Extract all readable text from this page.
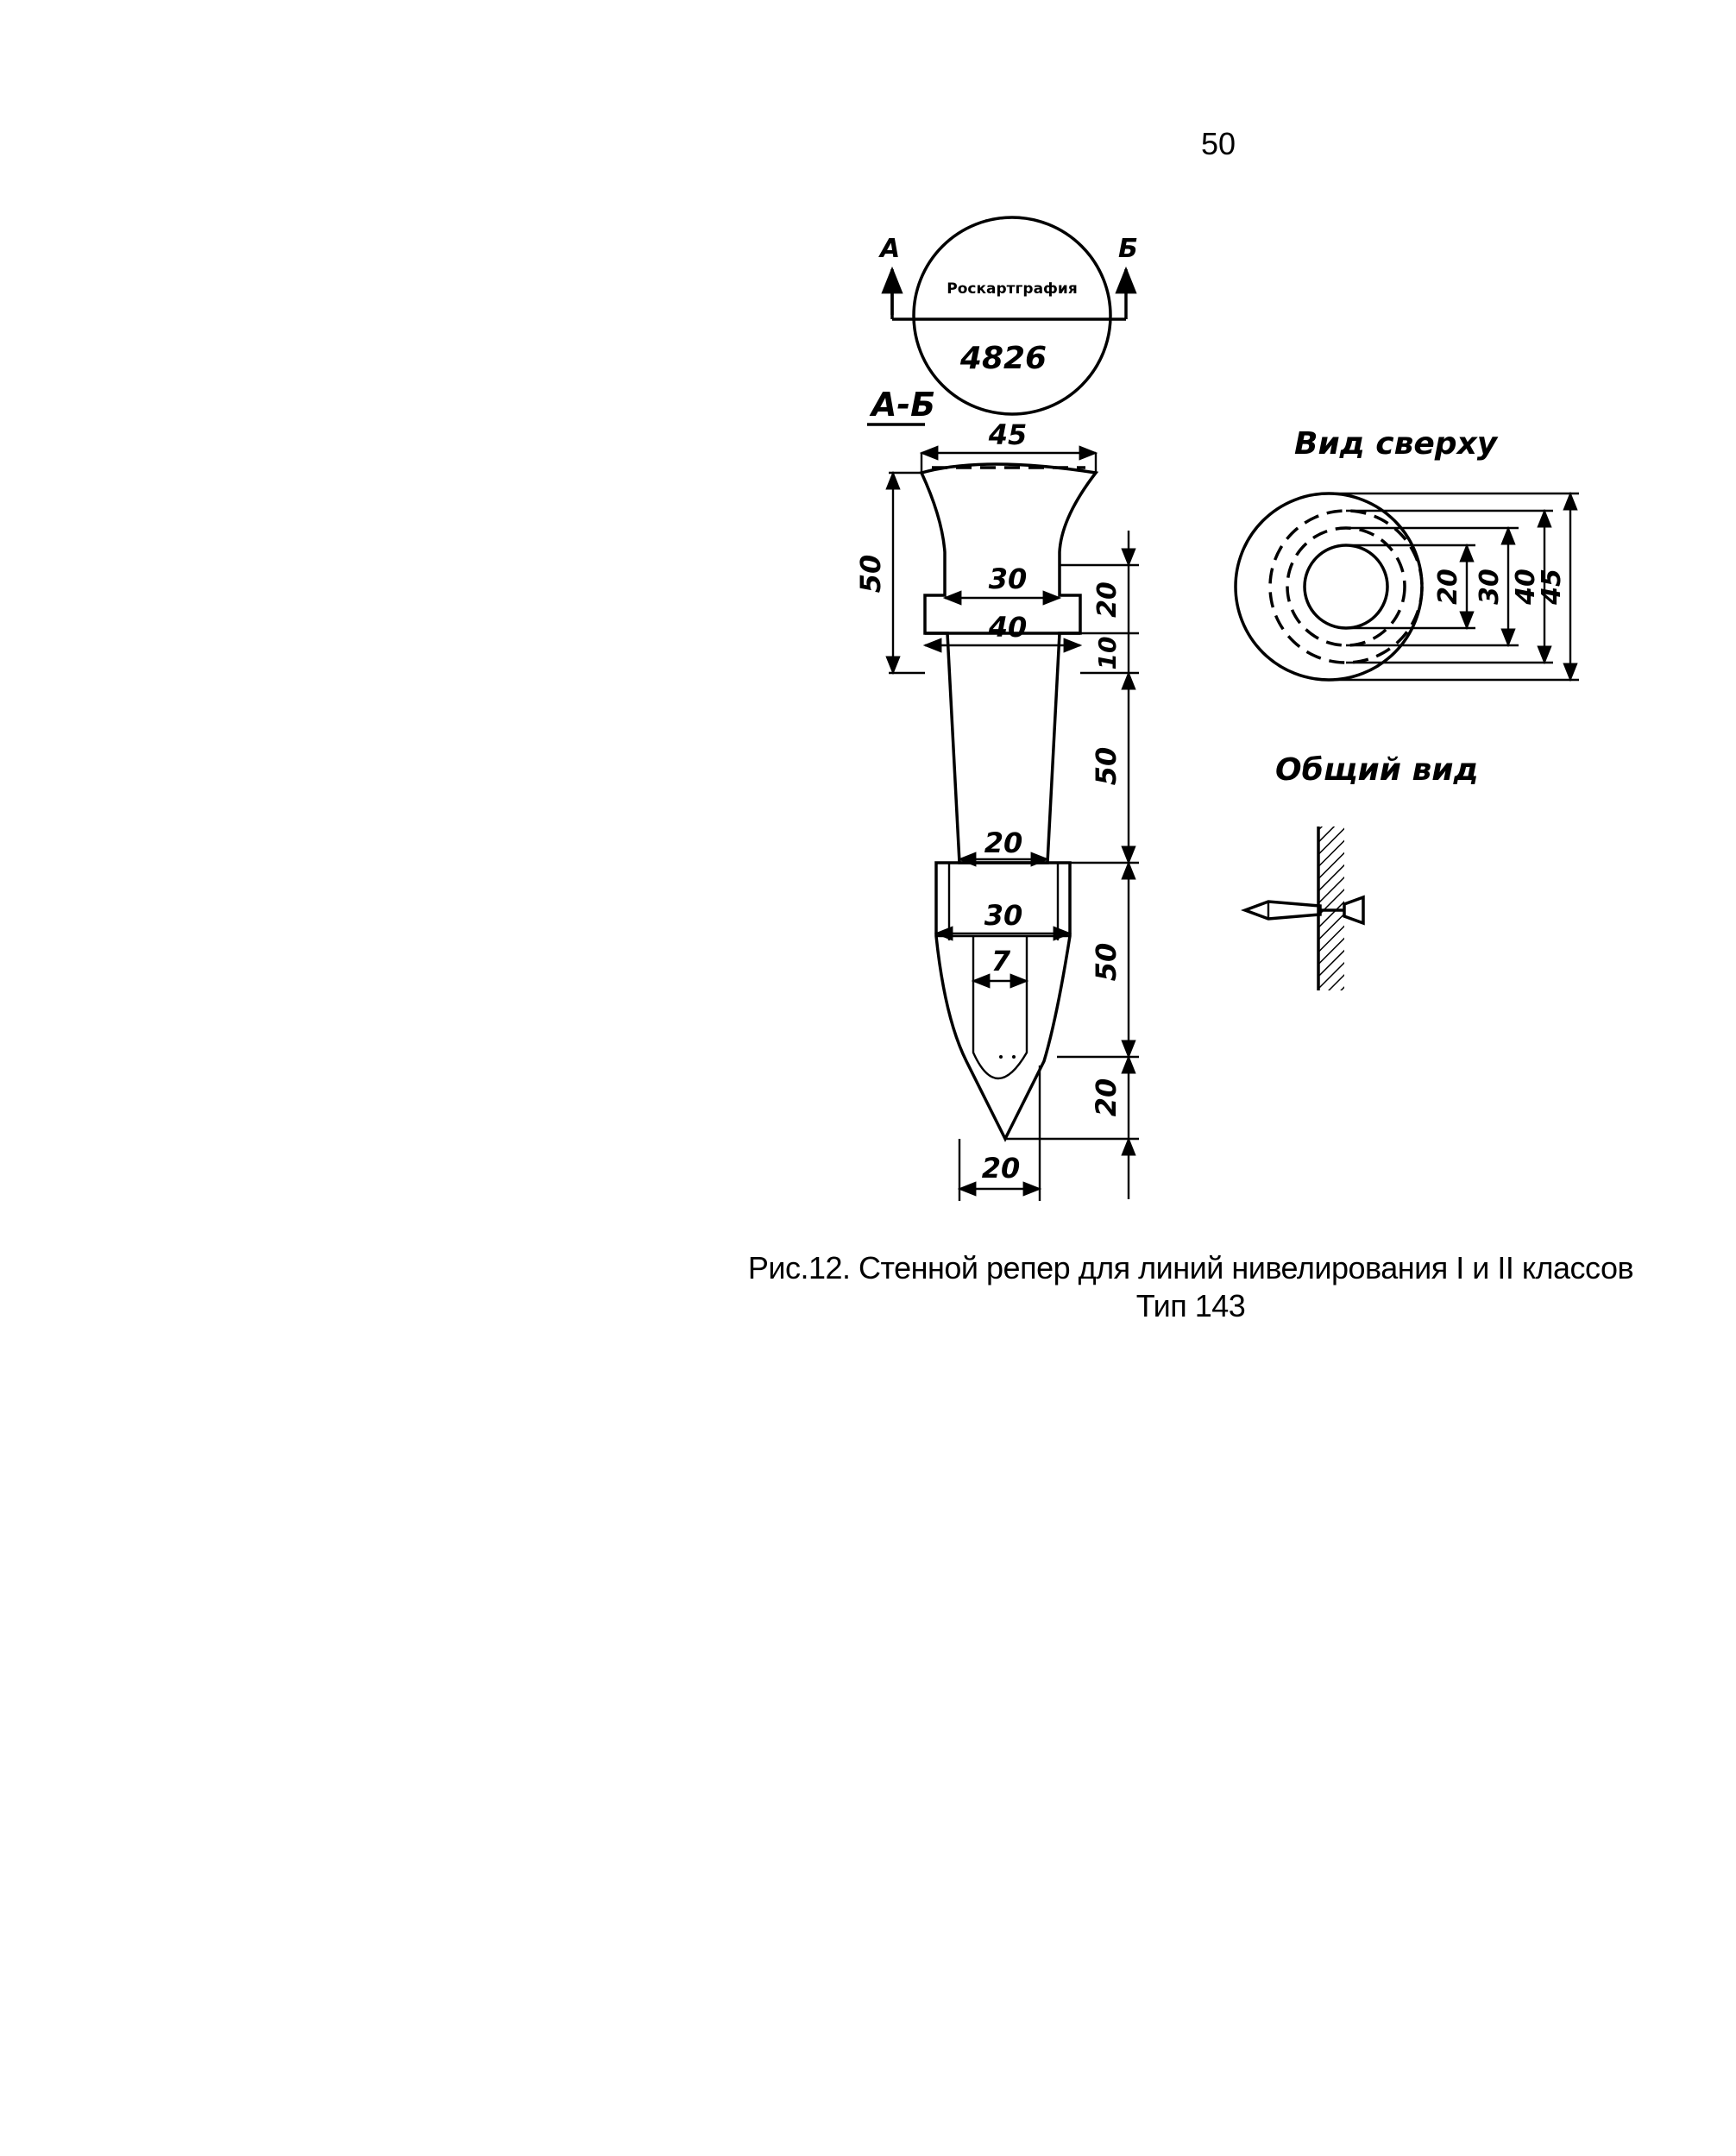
50
А	Б
Роскартграфия
4826
А-Б
45
50	30
40
20
10
50
50
20
20
30
7
20
Вид сверху
20 30 40
45
Общий вид
Рис.12. Стенной репер для линий нивелирования I и II классов
Тип 143
